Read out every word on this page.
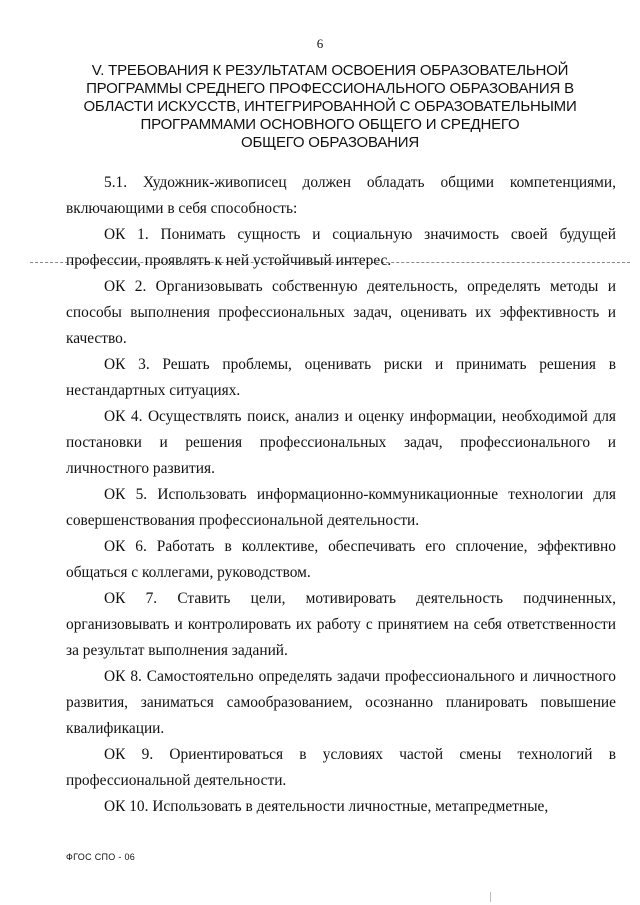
6
V. ТРЕБОВАНИЯ К РЕЗУЛЬТАТАМ ОСВОЕНИЯ ОБРАЗОВАТЕЛЬНОЙ
ПРОГРАММЫ СРЕДНЕГО ПРОФЕССИОНАЛЬНОГО ОБРАЗОВАНИЯ В
ОБЛАСТИ ИСКУССТВ, ИНТЕГРИРОВАННОЙ С ОБРАЗОВАТЕЛЬНЫМИ
ПРОГРАММАМИ ОСНОВНОГО ОБЩЕГО И СРЕДНЕГО
ОБЩЕГО ОБРАЗОВАНИЯ

5.1. Художник-живописец должен обладать общими компетенциями, включающими в себя способность:

ОК 1. Понимать сущность и социальную значимость своей будущей профессии, проявлять к ней устойчивый интерес.

ОК 2. Организовывать собственную деятельность, определять методы и способы выполнения профессиональных задач, оценивать их эффективность и качество.

ОК 3. Решать проблемы, оценивать риски и принимать решения в нестандартных ситуациях.

ОК 4. Осуществлять поиск, анализ и оценку информации, необходимой для постановки и решения профессиональных задач, профессионального и личностного развития.

ОК 5. Использовать информационно-коммуникационные технологии для совершенствования профессиональной деятельности.

ОК 6. Работать в коллективе, обеспечивать его сплочение, эффективно общаться с коллегами, руководством.

ОК 7. Ставить цели, мотивировать деятельность подчиненных, организовывать и контролировать их работу с принятием на себя ответственности за результат выполнения заданий.

ОК 8. Самостоятельно определять задачи профессионального и личностного развития, заниматься самообразованием, осознанно планировать повышение квалификации.

ОК 9. Ориентироваться в условиях частой смены технологий в профессиональной деятельности.

ОК 10. Использовать в деятельности личностные, метапредметные,

ФГОС СПО - 06
